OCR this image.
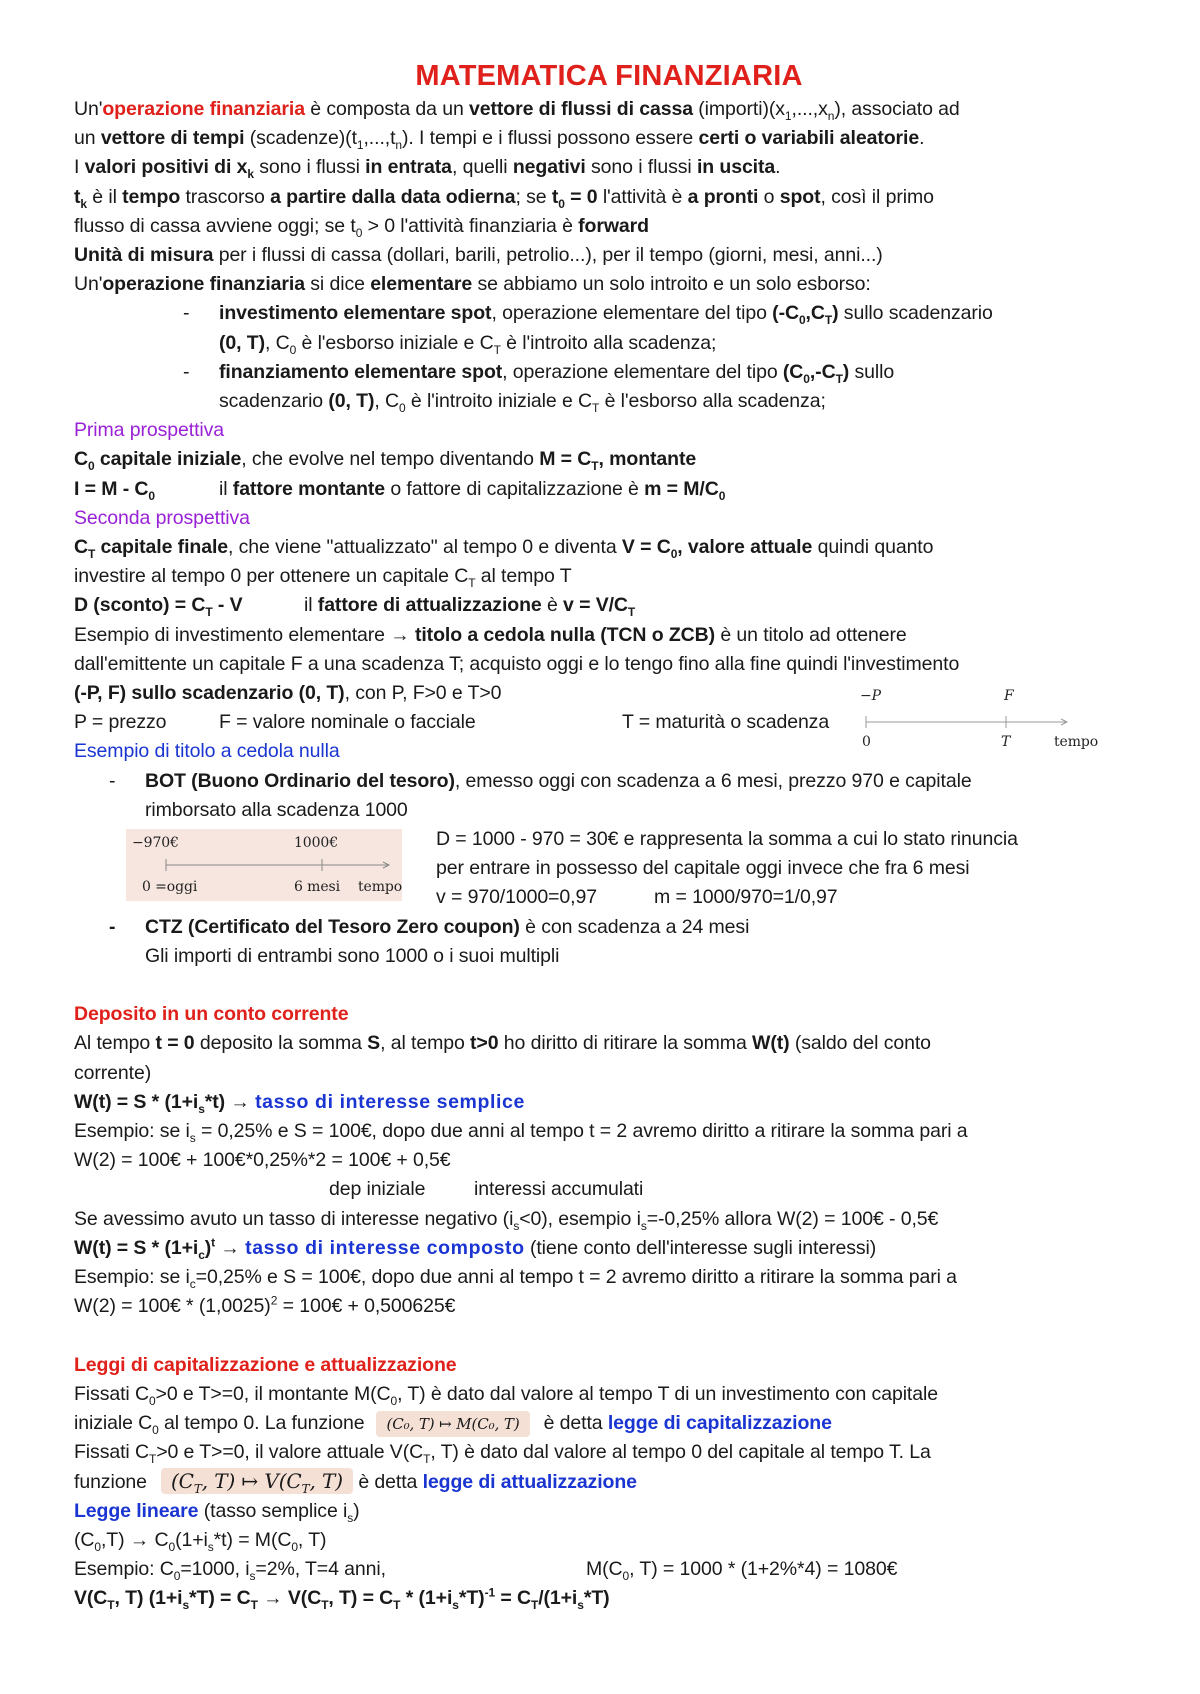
MATEMATICA FINANZIARIA
Un'operazione finanziaria è composta da un vettore di flussi di cassa $(importi)(x_1,...,x_n)$, associato ad
un vettore di tempi $(scadenze)(t_1,...,t_n)$. I tempi e i flussi possono essere certi o variabili aleatorie.
I valori positivi di $x_k$ sono i flussi in entrata, quelli negativi sono i flussi in uscita.
$t_k$ è il tempo trascorso a partire dalla data odierna; se $t_0 = 0$ l'attività è a pronti o spot, così il primo
flusso di cassa avviene oggi; se $t_0 > 0$ l'attività finanziaria è forward
Unità di misura per i flussi di cassa (dollari, barili, petrolio...), per il tempo (giorni, mesi, anni...)
Un'operazione finanziaria si dice elementare se abbiamo un solo introito e un solo esborso:
- investimento elementare spot, operazione elementare del tipo $(-C_0,C_T)$ sullo scadenzario
(0, T), $C_0$ è l'esborso iniziale e $C_T$ è l'introito alla scadenza;
- finanziamento elementare spot, operazione elementare del tipo $(C_0,-C_T)$ sullo
scadenzario (0, T), $C_0$ è l'introito iniziale e $C_T$ è l'esborso alla scadenza;
Prima prospettiva
$C_0$ capitale iniziale, che evolve nel tempo diventando $M = C_T$, montante
$I = M - C_0$	il fattore montante o fattore di capitalizzazione è $m = M/C_0$
Seconda prospettiva
$C_T$ capitale finale, che viene "attualizzato" al tempo 0 e diventa $V = C_0$, valore attuale quindi quanto
investire al tempo 0 per ottenere un capitale $C_T$ al tempo T
D (sconto) = $C_T$ - V	il fattore di attualizzazione è $v = V/C_T$
Esempio di investimento elementare → titolo a cedola nulla (TCN o ZCB) è un titolo ad ottenere
dall'emittente un capitale F a una scadenza T; acquisto oggi e lo tengo fino alla fine quindi l'investimento
(-P, F) sullo scadenzario (0, T), con P, F>0 e T>0
P = prezzo	F = valore nominale o facciale	T = maturità o scadenza
−P	F
0	T	tempo
Esempio di titolo a cedola nulla
- BOT (Buono Ordinario del tesoro), emesso oggi con scadenza a 6 mesi, prezzo 970 e capitale
rimborsato alla scadenza 1000
−970€	1000€
0 =oggi	6 mesi tempo
D = 1000 - 970 = 30€ e rappresenta la somma a cui lo stato rinuncia
per entrare in possesso del capitale oggi invece che fra 6 mesi
v = 970/1000=0,97	m = 1000/970=1/0,97
- CTZ (Certificato del Tesoro Zero coupon) è con scadenza a 24 mesi
Gli importi di entrambi sono 1000 o i suoi multipli
Deposito in un conto corrente
Al tempo t = 0 deposito la somma S, al tempo t>0 ho diritto di ritirare la somma W(t) (saldo del conto
corrente)
$W(t) = S * (1+i_s*t)$ → tasso di interesse semplice
Esempio: se $i_s = 0,25\%$ e S = 100€, dopo due anni al tempo t = 2 avremo diritto a ritirare la somma pari a
W(2) = 100€ + 100€*0,25%*2 = 100€ + 0,5€
dep iniziale interessi accumulati
Se avessimo avuto un tasso di interesse negativo $(i_s<0)$, esempio $i_s=-0,25\%$ allora W(2) = 100€ - 0,5€
$W(t) = S * (1+i_c)^t$ → tasso di interesse composto (tiene conto dell'interesse sugli interessi)
Esempio: se $i_c=0,25\%$ e S = 100€, dopo due anni al tempo t = 2 avremo diritto a ritirare la somma pari a
W(2) = 100€ * $(1,0025)^2$ = 100€ + 0,500625€
Leggi di capitalizzazione e attualizzazione
Fissati $C_0>0$ e T>=0, il montante $M(C_0$, T) è dato dal valore al tempo T di un investimento con capitale
iniziale $C_0$ al tempo 0. La funzione (C₀, T) ↦ M(C₀, T) è detta legge di capitalizzazione
Fissati $C_T>0$ e T>=0, il valore attuale $V(C_T$, T) è dato dal valore al tempo 0 del capitale al tempo T. La
funzione ($C_T$, T) ↦ $V(C_T$, T) è detta legge di attualizzazione
Legge lineare (tasso semplice $i_s$)
$(C_0,T) \to C_0(1+i_s*t) = M(C_0$, T)
Esempio: $C_0=1000$, $i_s=2\%$, T=4 anni,	$M(C_0$, T) = 1000 * (1+2%*4) = 1080€
$V(C_T$, T) $(1+i_s*T) = C_T \to V(C_T$, $T) = C_T * (1+i_s*T)^{-1} = C_T/(1+i_s*T)$
